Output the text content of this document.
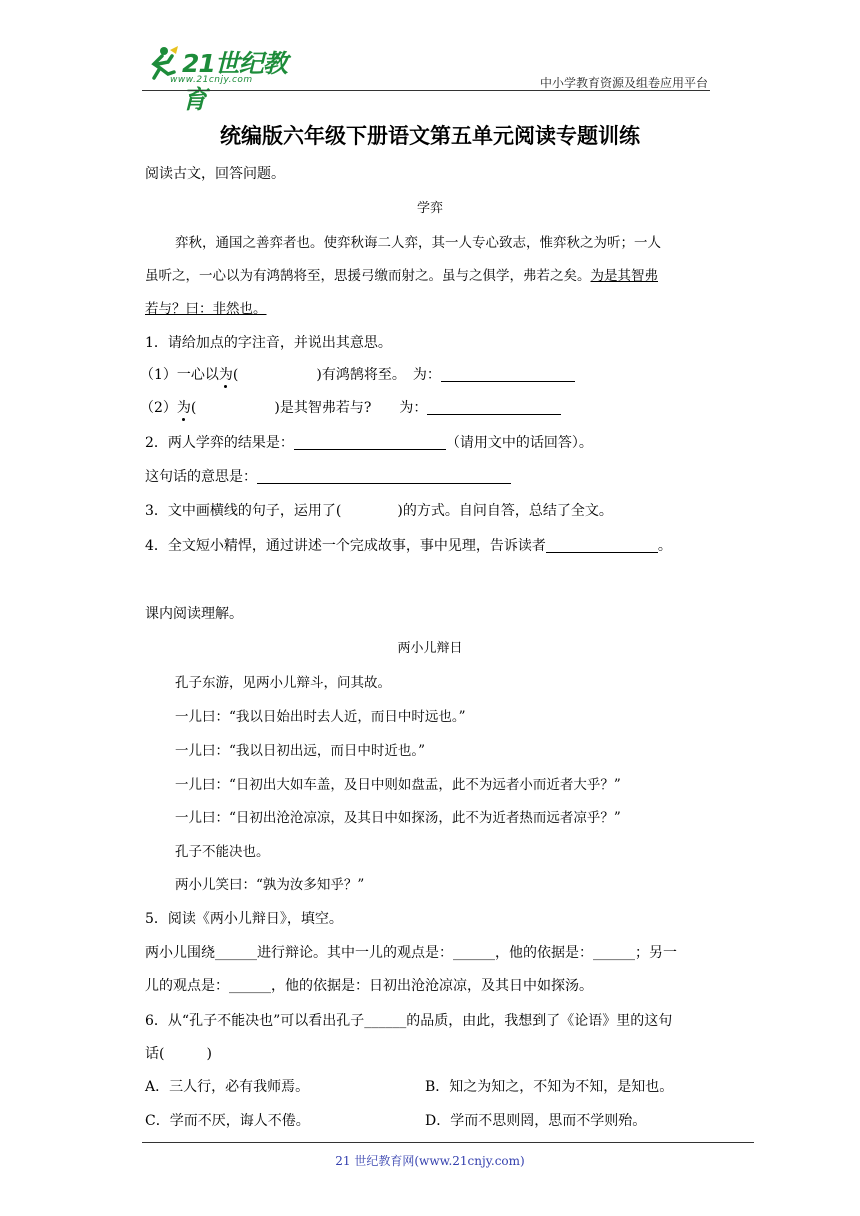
21世纪教育
www.21cnjy.com	中小学教育资源及组卷应用平台
统编版六年级下册语文第五单元阅读专题训练
阅读古文，回答问题。
学弈
弈秋，通国之善弈者也。使弈秋诲二人弈，其一人专心致志，惟弈秋之为听；一人
虽听之，一心以为有鸿鹄将至，思援弓缴而射之。虽与之俱学，弗若之矣。为是其智弗
若与？曰：非然也。
1．请给加点的字注音，并说出其意思。
（1）一心以为(	)有鸿鹄将至。　为：
（2）为(	)是其智弗若与?　　为：
2．两人学弈的结果是：	（请用文中的话回答）。
这句话的意思是：
3．文中画横线的句子，运用了(	)的方式。自问自答，总结了全文。
4．全文短小精悍，通过讲述一个完成故事，事中见理，告诉读者	。
课内阅读理解。
两小儿辩日
孔子东游，见两小儿辩斗，问其故。
一儿曰：“我以日始出时去人近，而日中时远也。”
一儿曰：“我以日初出远，而日中时近也。”
一儿曰：“日初出大如车盖，及日中则如盘盂，此不为远者小而近者大乎？”
一儿曰：“日初出沧沧凉凉，及其日中如探汤，此不为近者热而远者凉乎？”
孔子不能决也。
两小儿笑曰：“孰为汝多知乎？”
5．阅读《两小儿辩日》，填空。
两小儿围绕______进行辩论。其中一儿的观点是：______，他的依据是：______；另一
儿的观点是：______，他的依据是：日初出沧沧凉凉，及其日中如探汤。
6．从“孔子不能决也”可以看出孔子______的品质，由此，我想到了《论语》里的这句
话(　　　)
A．三人行，必有我师焉。	B．知之为知之，不知为不知，是知也。
C．学而不厌，诲人不倦。	D．学而不思则罔，思而不学则殆。
21 世纪教育网(www.21cnjy.com)
